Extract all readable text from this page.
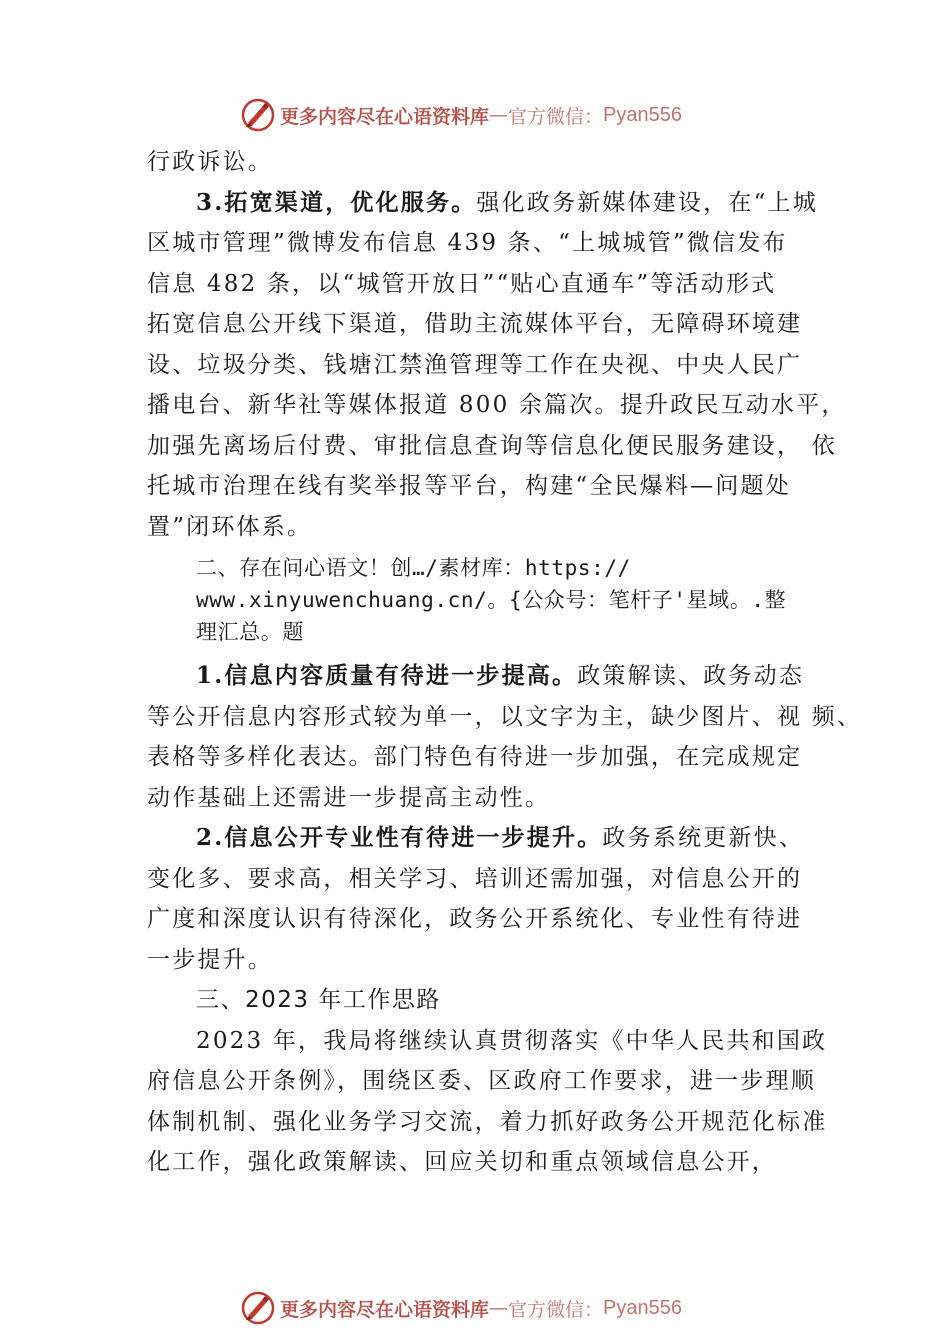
更多内容尽在心语资料库 — 官方微信： Pyan556
行政诉讼。
3.拓宽渠道，优化服务。强化政务新媒体建设，在“上城
区城市管理”微博发布信息 439 条、“上城城管”微信发布
信息 482 条，以“城管开放日”“贴心直通车”等活动形式
拓宽信息公开线下渠道，借助主流媒体平台，无障碍环境建
设、垃圾分类、钱塘江禁渔管理等工作在央视、中央人民广
播电台、新华社等媒体报道 800 余篇次。提升政民互动水平，
加强先离场后付费、审批信息查询等信息化便民服务建设， 依
托城市治理在线有奖举报等平台，构建“全民爆料—问题处
置”闭环体系。
二、存在问心语文！创…/素材库：https://
www.xinyuwenchuang.cn/。{公众号：笔杆子'星域。.整
理汇总。题
1.信息内容质量有待进一步提高。政策解读、政务动态
等公开信息内容形式较为单一，以文字为主，缺少图片、视 频、
表格等多样化表达。部门特色有待进一步加强，在完成规定
动作基础上还需进一步提高主动性。
2.信息公开专业性有待进一步提升。政务系统更新快、
变化多、要求高，相关学习、培训还需加强，对信息公开的
广度和深度认识有待深化，政务公开系统化、专业性有待进
一步提升。
三、2023 年工作思路
2023 年，我局将继续认真贯彻落实《中华人民共和国政
府信息公开条例》，围绕区委、区政府工作要求，进一步理顺
体制机制、强化业务学习交流，着力抓好政务公开规范化标准
化工作，强化政策解读、回应关切和重点领域信息公开，
更多内容尽在心语资料库 — 官方微信： Pyan556
